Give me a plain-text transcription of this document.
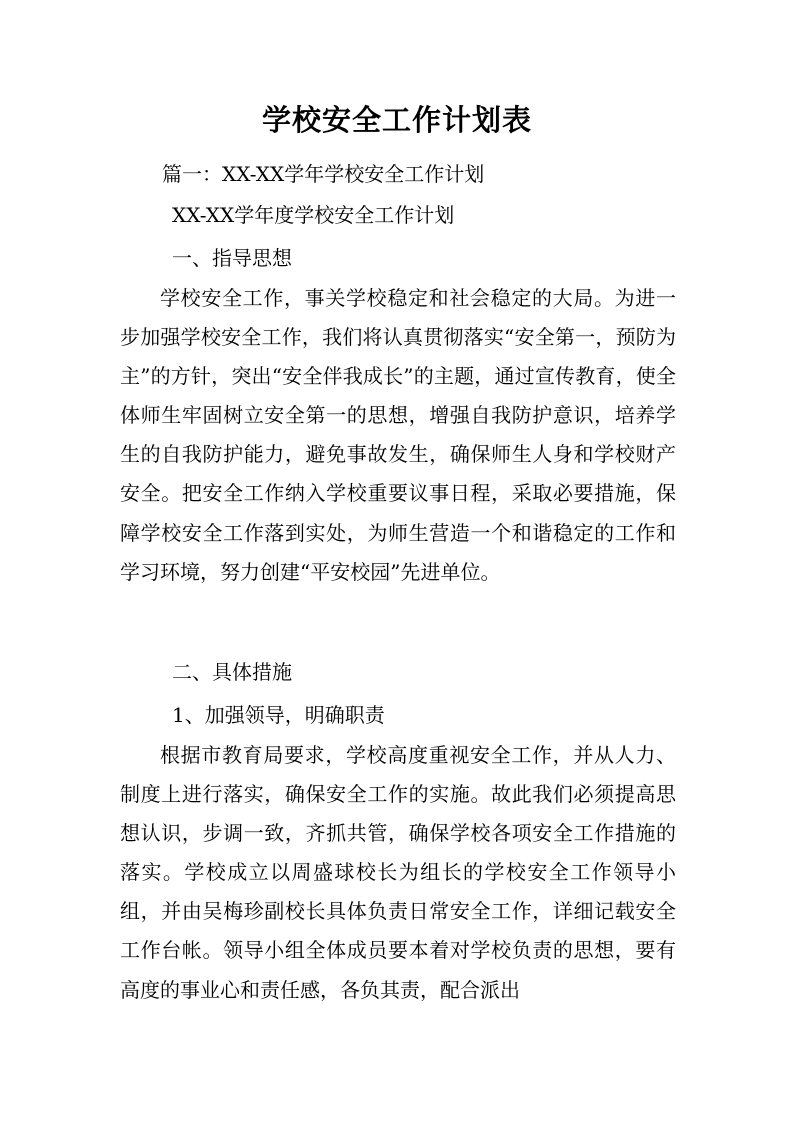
学校安全工作计划表

篇一：XX-XX学年学校安全工作计划

XX-XX学年度学校安全工作计划

一、指导思想

学校安全工作，事关学校稳定和社会稳定的大局。为进一步加强学校安全工作，我们将认真贯彻落实“安全第一，预防为主”的方针，突出“安全伴我成长”的主题，通过宣传教育，使全体师生牢固树立安全第一的思想，增强自我防护意识，培养学生的自我防护能力，避免事故发生，确保师生人身和学校财产安全。把安全工作纳入学校重要议事日程，采取必要措施，保障学校安全工作落到实处，为师生营造一个和谐稳定的工作和学习环境，努力创建“平安校园”先进单位。

二、具体措施

1、加强领导，明确职责

根据市教育局要求，学校高度重视安全工作，并从人力、制度上进行落实，确保安全工作的实施。故此我们必须提高思想认识，步调一致，齐抓共管，确保学校各项安全工作措施的落实。学校成立以周盛球校长为组长的学校安全工作领导小组，并由吴梅珍副校长具体负责日常安全工作，详细记载安全工作台帐。领导小组全体成员要本着对学校负责的思想，要有高度的事业心和责任感，各负其责，配合派出
